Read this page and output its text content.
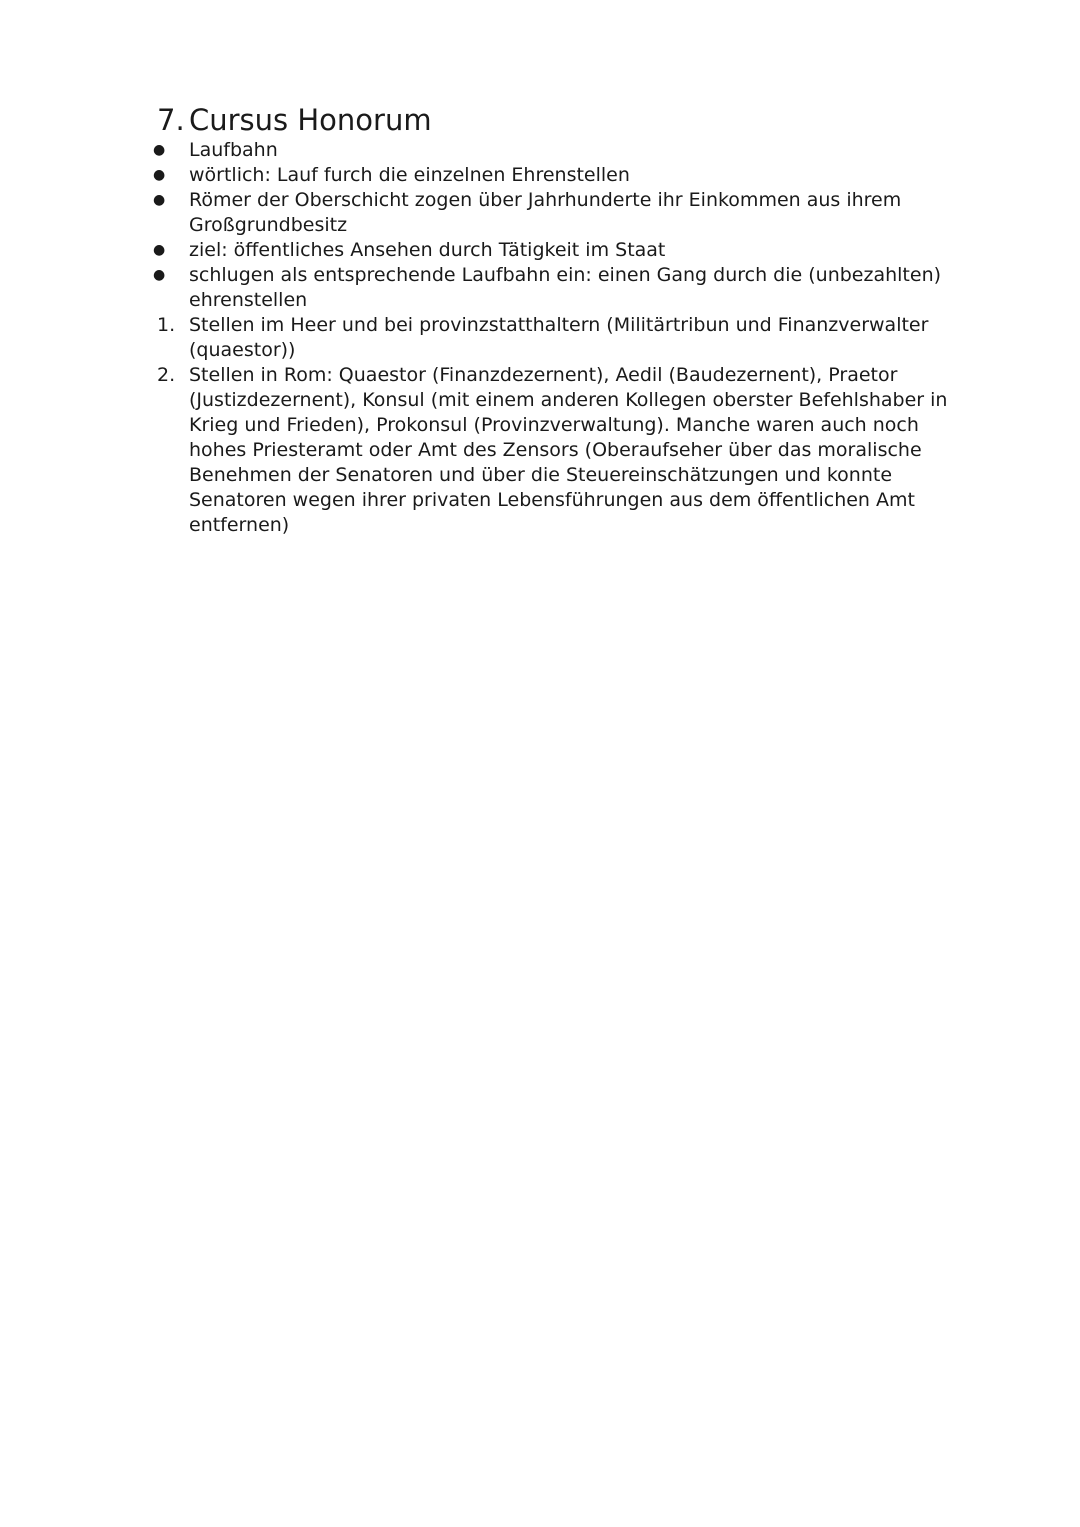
7. Cursus Honorum
●	Laufbahn
●	wörtlich: Lauf furch die einzelnen Ehrenstellen
●	Römer der Oberschicht zogen über Jahrhunderte ihr Einkommen aus ihrem Großgrundbesitz
●	ziel: öffentliches Ansehen durch Tätigkeit im Staat
●	schlugen als entsprechende Laufbahn ein: einen Gang durch die (unbezahlten) ehrenstellen
1. Stellen im Heer und bei provinzstatthaltern (Militärtribun und Finanzverwalter (quaestor))
2. Stellen in Rom: Quaestor (Finanzdezernent), Aedil (Baudezernent), Praetor (Justizdezernent), Konsul (mit einem anderen Kollegen oberster Befehlshaber in Krieg und Frieden), Prokonsul (Provinzverwaltung). Manche waren auch noch hohes Priesteramt oder Amt des Zensors (Oberaufseher über das moralische Benehmen der Senatoren und über die Steuereinschätzungen und konnte Senatoren wegen ihrer privaten Lebensführungen aus dem öffentlichen Amt entfernen)
